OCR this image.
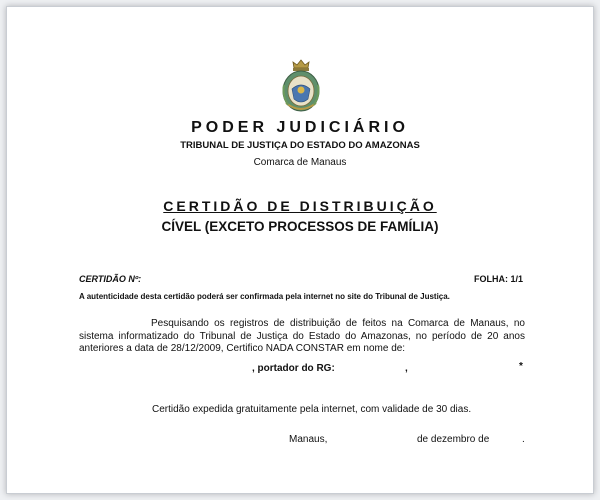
PODER JUDICIÁRIO
TRIBUNAL DE JUSTIÇA DO ESTADO DO AMAZONAS
Comarca de Manaus
CERTIDÃO DE DISTRIBUIÇÃO
CÍVEL (EXCETO PROCESSOS DE FAMÍLIA)
CERTIDÃO Nº:	FOLHA: 1/1
A autenticidade desta certidão poderá ser confirmada pela internet no site do Tribunal de Justiça.
Pesquisando os registros de distribuição de feitos na Comarca de Manaus, no sistema informatizado do Tribunal de Justiça do Estado do Amazonas, no período de 20 anos anteriores a data de 28/12/2009, Certifico NADA CONSTAR em nome de:
, portador do RG:	,	*
Certidão expedida gratuitamente pela internet, com validade de 30 dias.
Manaus,	de dezembro de	.
